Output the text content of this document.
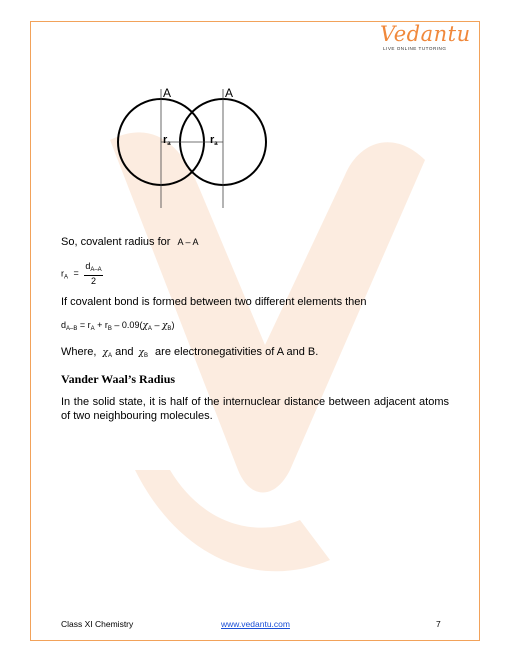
Vedantu
LIVE ONLINE TUTORING
A	A
ra	ra
So, covalent radius for A – A
$r_A = \frac{d_{A-A}}{2}$
If covalent bond is formed between two different elements then
$d_{A-B} = r_A + r_B - 0.09(\chi_A - \chi_B)$
Where, $\chi_A$ and $\chi_B$ are electronegativities of A and B.
Vander Waal’s Radius
In the solid state, it is half of the internuclear distance between adjacent atoms of two neighbouring molecules.
Class XI Chemistry	www.vedantu.com	7
